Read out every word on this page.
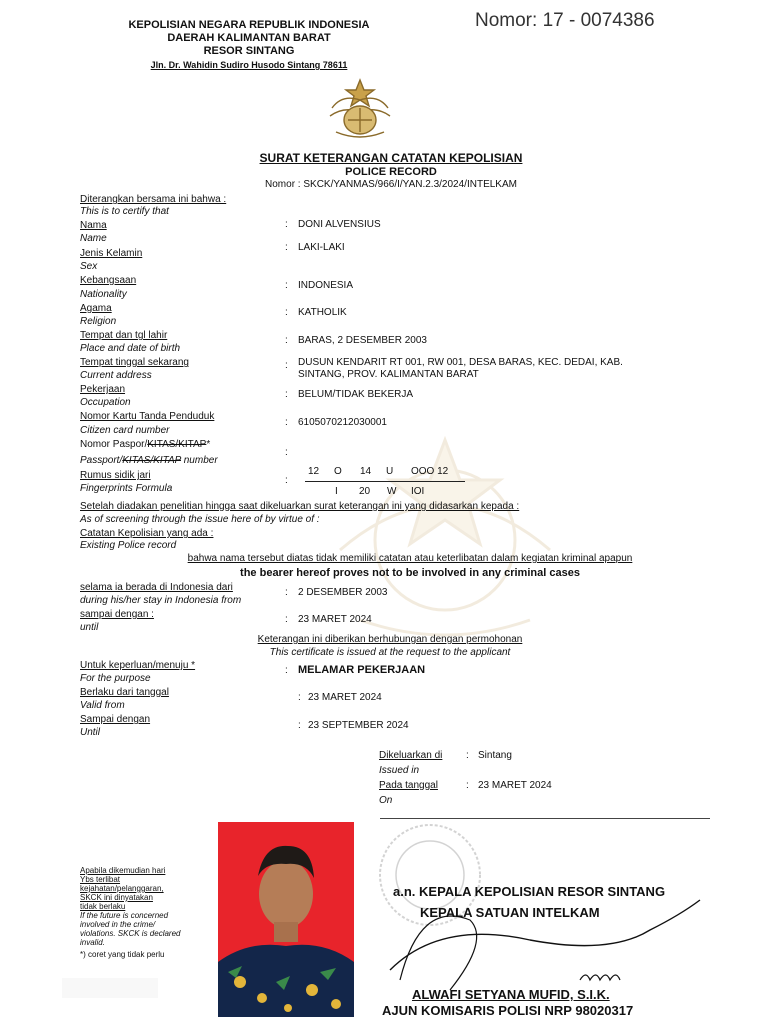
KEPOLISIAN NEGARA REPUBLIK INDONESIA
DAERAH KALIMANTAN BARAT
RESOR SINTANG
Jln. Dr. Wahidin Sudiro Husodo Sintang 78611
Nomor: 17 - 0074386
SURAT KETERANGAN CATATAN KEPOLISIAN
POLICE RECORD
Nomor : SKCK/YANMAS/966/I/YAN.2.3/2024/INTELKAM
Diterangkan bersama ini bahwa :
This is to certify that
Nama
Name
: DONI ALVENSIUS
Jenis Kelamin
Sex
: LAKI-LAKI
Kebangsaan
Nationality
: INDONESIA
Agama
Religion
: KATHOLIK
Tempat dan tgl lahir
Place and date of birth
: BARAS, 2 DESEMBER 2003
Tempat tinggal sekarang
Current address
: DUSUN KENDARIT RT 001, RW 001, DESA BARAS, KEC. DEDAI, KAB.
SINTANG, PROV. KALIMANTAN BARAT
Pekerjaan
Occupation
: BELUM/TIDAK BEKERJA
Nomor Kartu Tanda Penduduk
Citizen card number
: 6105070212030001
Nomor Paspor/KITAS/KITAP*
Passport/KITAS/KITAP number
:
Rumus sidik jari
Fingerprints Formula
:
12 O 14 U OOO 12
I 20 W IOI
Setelah diadakan penelitian hingga saat dikeluarkan surat keterangan ini yang didasarkan kepada :
As of screening through the issue here of by virtue of :
Catatan Kepolisian yang ada :
Existing Police record
bahwa nama tersebut diatas tidak memiliki catatan atau keterlibatan dalam kegiatan kriminal apapun
the bearer hereof proves not to be involved in any criminal cases
selama ia berada di Indonesia dari
during his/her stay in Indonesia from
: 2 DESEMBER 2003
sampai dengan :
until
: 23 MARET 2024
Keterangan ini diberikan berhubungan dengan permohonan
This certificate is issued at the request to the applicant
Untuk keperluan/menuju *
For the purpose
: MELAMAR PEKERJAAN
Berlaku dari tanggal
Valid from
: 23 MARET 2024
Sampai dengan
Until
: 23 SEPTEMBER 2024
Dikeluarkan di
Issued in
: Sintang
Pada tanggal
On
: 23 MARET 2024
Apabila dikemudian hari
Ybs terlibat
kejahatan/pelanggaran,
SKCK ini dinyatakan
tidak berlaku
If the future is concerned
involved in the crime/
violations. SKCK is declared
invalid.
*) coret yang tidak perlu
a.n. KEPALA KEPOLISIAN RESOR SINTANG
KEPALA SATUAN INTELKAM
ALWAFI SETYANA MUFID, S.I.K.
AJUN KOMISARIS POLISI NRP 98020317
